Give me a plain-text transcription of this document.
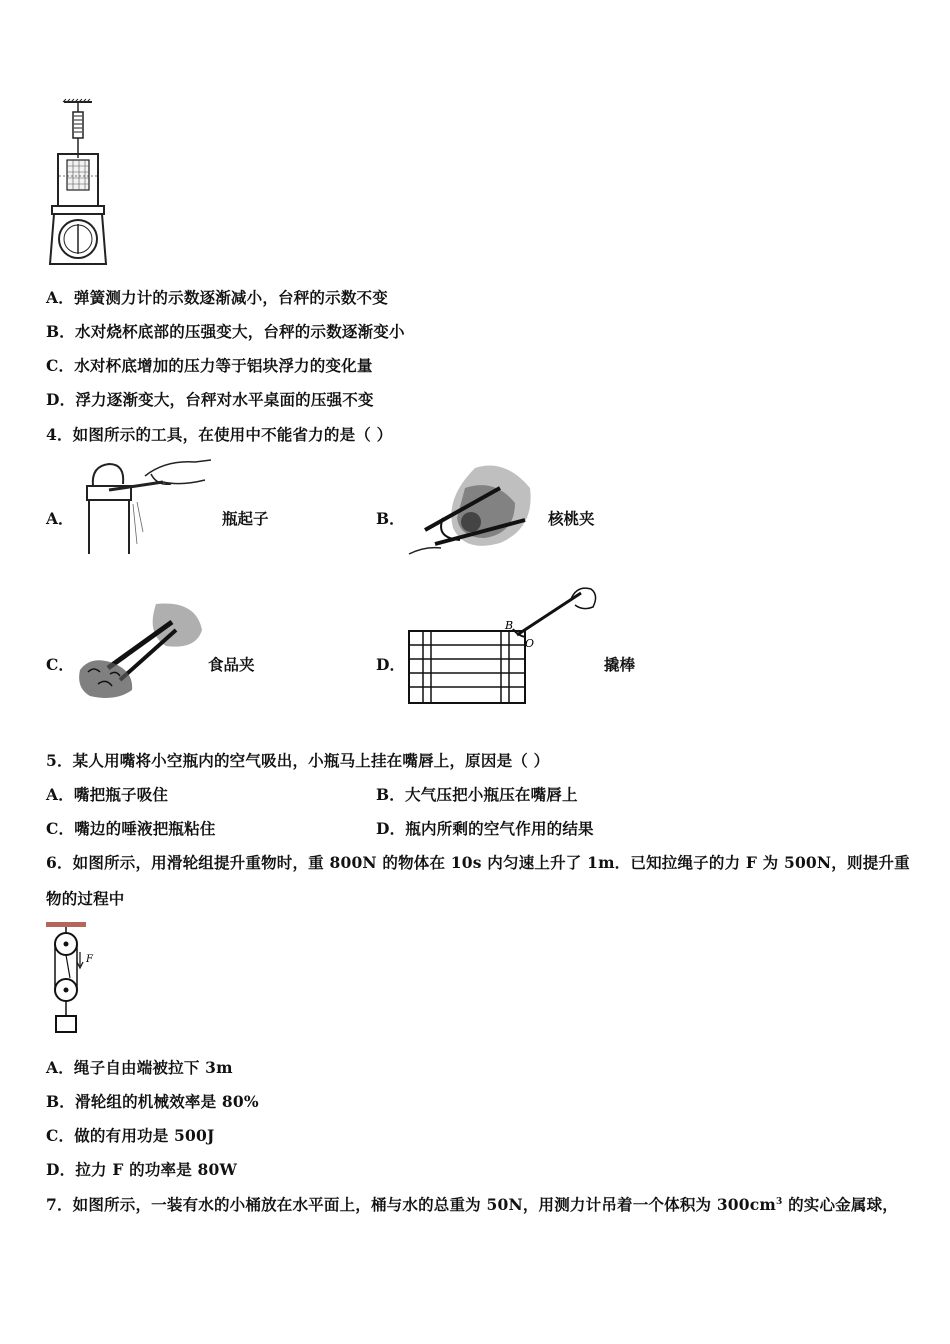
A．弹簧测力计的示数逐渐减小，台秤的示数不变
B．水对烧杯底部的压强变大，台秤的示数逐渐变小
C．水对杯底增加的压力等于铝块浮力的变化量
D．浮力逐渐变大，台秤对水平桌面的压强不变
4．如图所示的工具，在使用中不能省力的是（ ）
A．	瓶起子	B．	核桃夹
C．	食品夹	D．
B
O
撬棒
5．某人用嘴将小空瓶内的空气吸出，小瓶马上挂在嘴唇上，原因是（ ）
A．嘴把瓶子吸住	B．大气压把小瓶压在嘴唇上
C．嘴边的唾液把瓶粘住	D．瓶内所剩的空气作用的结果
6．如图所示，用滑轮组提升重物时，重 800N 的物体在 10s 内匀速上升了 1m．已知拉绳子的力 F 为 500N，则提升重
物的过程中
F
A．绳子自由端被拉下 3m
B．滑轮组的机械效率是 80%
C．做的有用功是 500J
D．拉力 F 的功率是 80W
7．如图所示，一装有水的小桶放在水平面上，桶与水的总重为 50N，用测力计吊着一个体积为 $300cm^3$ 的实心金属球，
